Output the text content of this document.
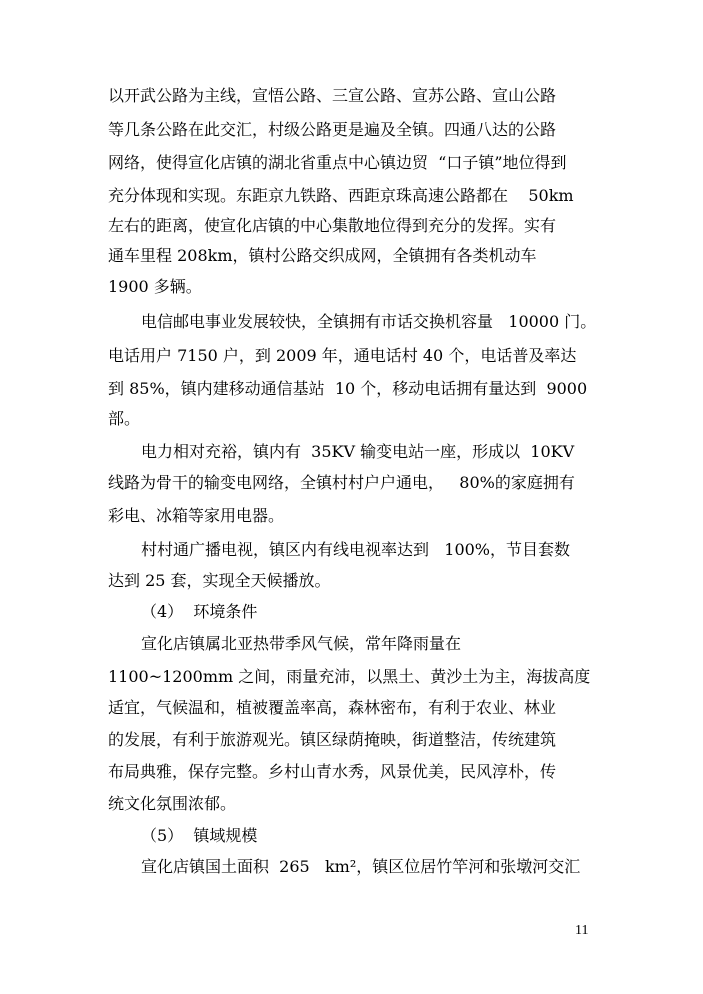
以开武公路为主线，宣悟公路、三宣公路、宣苏公路、宣山公路
等几条公路在此交汇，村级公路更是遍及全镇。四通八达的公路
网络，使得宣化店镇的湖北省重点中心镇边贸  “口子镇”地位得到
充分体现和实现。东距京九铁路、西距京珠高速公路都在    50km
左右的距离，使宣化店镇的中心集散地位得到充分的发挥。实有
通车里程 208km，镇村公路交织成网，全镇拥有各类机动车
1900 多辆。
电信邮电事业发展较快，全镇拥有市话交换机容量   10000 门。
电话用户 7150 户，到 2009 年，通电话村 40 个，电话普及率达
到 85%，镇内建移动通信基站  10 个，移动电话拥有量达到  9000
部。
电力相对充裕，镇内有  35KV 输变电站一座，形成以  10KV
线路为骨干的输变电网络，全镇村村户户通电，   80%的家庭拥有
彩电、冰箱等家用电器。
村村通广播电视，镇区内有线电视率达到   100%，节目套数
达到 25 套，实现全天候播放。
（4）  环境条件
宣化店镇属北亚热带季风气候，常年降雨量在
1100~1200mm 之间，雨量充沛，以黑土、黄沙土为主，海拔高度
适宜，气候温和，植被覆盖率高，森林密布，有利于农业、林业
的发展，有利于旅游观光。镇区绿荫掩映，街道整洁，传统建筑
布局典雅，保存完整。乡村山青水秀，风景优美，民风淳朴，传
统文化氛围浓郁。
（5）  镇域规模
宣化店镇国土面积  265   km²，镇区位居竹竿河和张墩河交汇
11
